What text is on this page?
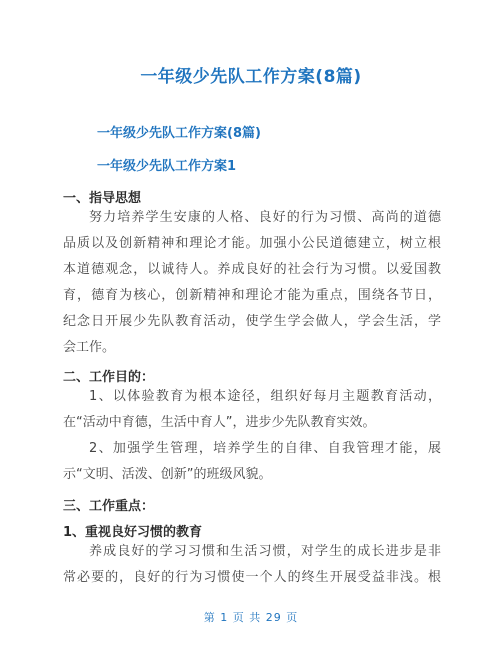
一年级少先队工作方案(8篇)
一年级少先队工作方案(8篇)
一年级少先队工作方案1
一、指导思想
努力培养学生安康的人格、良好的行为习惯、高尚的道德
品质以及创新精神和理论才能。加强小公民道德建立，树立根
本道德观念，以诚待人。养成良好的社会行为习惯。以爱国教
育，德育为核心，创新精神和理论才能为重点，围绕各节日，
纪念日开展少先队教育活动，使学生学会做人，学会生活，学
会工作。
二、工作目的：
1、以体验教育为根本途径，组织好每月主题教育活动，
在“活动中育德，生活中育人”，进步少先队教育实效。
2、加强学生管理，培养学生的自律、自我管理才能，展
示“文明、活泼、创新”的班级风貌。
三、工作重点：
1、重视良好习惯的教育
养成良好的学习习惯和生活习惯，对学生的成长进步是非
常必要的，良好的行为习惯使一个人的终生开展受益非浅。根
第 1 页 共 29 页
